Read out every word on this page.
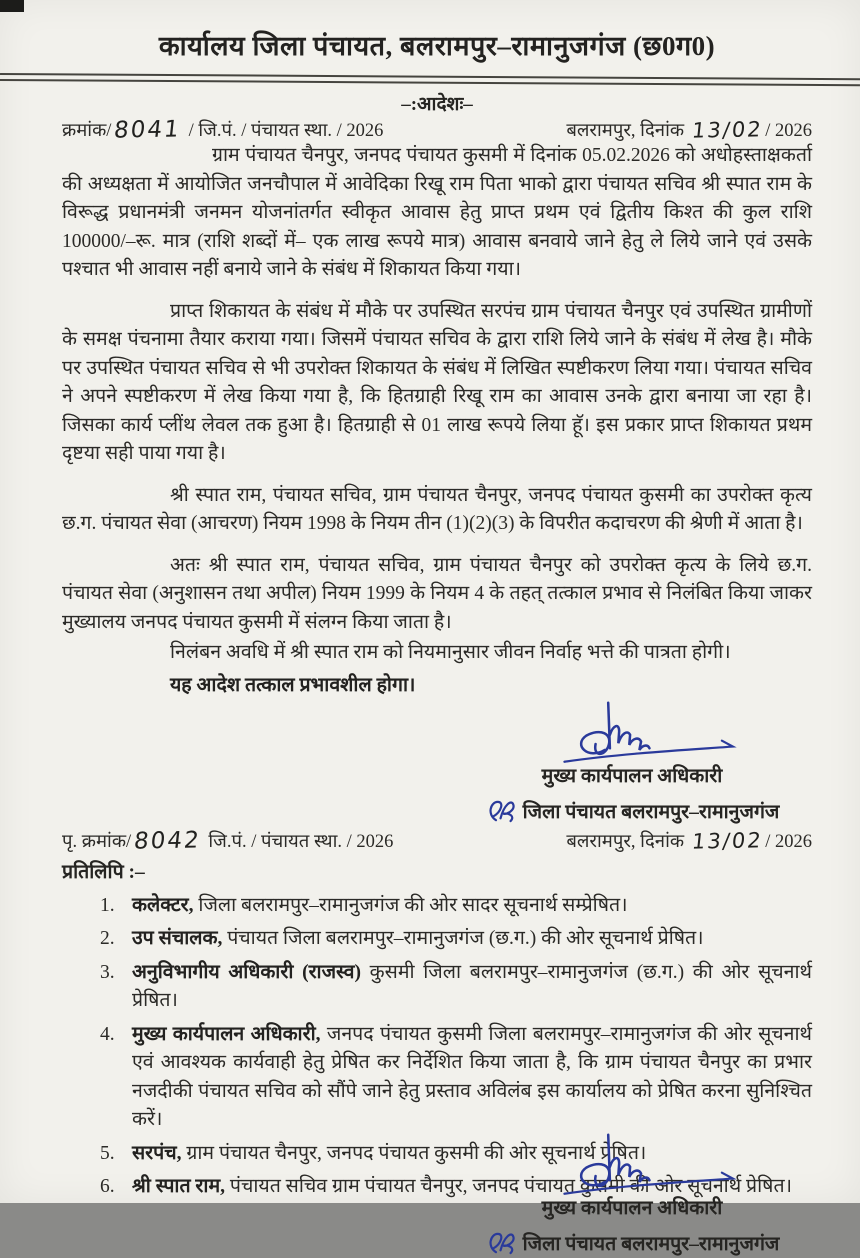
कार्यालय जिला पंचायत, बलरामपुर–रामानुजगंज (छ0ग0)
–:आदेशः–
क्रमांक/8041 / जि.पं. / पंचायत स्था. / 2026	बलरामपुर, दिनांक 13/02/ 2026

ग्राम पंचायत चैनपुर, जनपद पंचायत कुसमी में दिनांक 05.02.2026 को अधोहस्ताक्षकर्ता की अध्यक्षता में आयोजित जनचौपाल में आवेदिका रिखू राम पिता भाको द्वारा पंचायत सचिव श्री स्पात राम के विरूद्ध प्रधानमंत्री जनमन योजनांतर्गत स्वीकृत आवास हेतु प्राप्त प्रथम एवं द्वितीय किश्त की कुल राशि 100000/–रू. मात्र (राशि शब्दों में– एक लाख रूपये मात्र) आवास बनवाये जाने हेतु ले लिये जाने एवं उसके पश्चात भी आवास नहीं बनाये जाने के संबंध में शिकायत किया गया।

प्राप्त शिकायत के संबंध में मौके पर उपस्थित सरपंच ग्राम पंचायत चैनपुर एवं उपस्थित ग्रामीणों के समक्ष पंचनामा तैयार कराया गया। जिसमें पंचायत सचिव के द्वारा राशि लिये जाने के संबंध में लेख है। मौके पर उपस्थित पंचायत सचिव से भी उपरोक्त शिकायत के संबंध में लिखित स्पष्टीकरण लिया गया। पंचायत सचिव ने अपने स्पष्टीकरण में लेख किया गया है, कि हितग्राही रिखू राम का आवास उनके द्वारा बनाया जा रहा है। जिसका कार्य प्लींथ लेवल तक हुआ है। हितग्राही से 01 लाख रूपये लिया हूॅ। इस प्रकार प्राप्त शिकायत प्रथम दृष्टया सही पाया गया है।

श्री स्पात राम, पंचायत सचिव, ग्राम पंचायत चैनपुर, जनपद पंचायत कुसमी का उपरोक्त कृत्य छ.ग. पंचायत सेवा (आचरण) नियम 1998 के नियम तीन (1)(2)(3) के विपरीत कदाचरण की श्रेणी में आता है।

अतः श्री स्पात राम, पंचायत सचिव, ग्राम पंचायत चैनपुर को उपरोक्त कृत्य के लिये छ.ग. पंचायत सेवा (अनुशासन तथा अपील) नियम 1999 के नियम 4 के तहत् तत्काल प्रभाव से निलंबित किया जाकर मुख्यालय जनपद पंचायत कुसमी में संलग्न किया जाता है।

निलंबन अवधि में श्री स्पात राम को नियमानुसार जीवन निर्वाह भत्ते की पात्रता होगी।

यह आदेश तत्काल प्रभावशील होगा।
मुख्य कार्यपालन अधिकारी
जिला पंचायत बलरामपुर–रामानुजगंज
पृ. क्रमांक/8042 जि.पं. / पंचायत स्था. / 2026	बलरामपुर, दिनांक 13/02/ 2026
प्रतिलिपि :–
1. कलेक्टर, जिला बलरामपुर–रामानुजगंज की ओर सादर सूचनार्थ सम्प्रेषित।
2. उप संचालक, पंचायत जिला बलरामपुर–रामानुजगंज (छ.ग.) की ओर सूचनार्थ प्रेषित।
3. अनुविभागीय अधिकारी (राजस्व) कुसमी जिला बलरामपुर–रामानुजगंज (छ.ग.) की ओर सूचनार्थ प्रेषित।
4. मुख्य कार्यपालन अधिकारी, जनपद पंचायत कुसमी जिला बलरामपुर–रामानुजगंज की ओर सूचनार्थ एवं आवश्यक कार्यवाही हेतु प्रेषित कर निर्देशित किया जाता है, कि ग्राम पंचायत चैनपुर का प्रभार नजदीकी पंचायत सचिव को सौंपे जाने हेतु प्रस्ताव अविलंब इस कार्यालय को प्रेषित करना सुनिश्चित करें।
5. सरपंच, ग्राम पंचायत चैनपुर, जनपद पंचायत कुसमी की ओर सूचनार्थ प्रेषित।
6. श्री स्पात राम, पंचायत सचिव ग्राम पंचायत चैनपुर, जनपद पंचायत कुसमी की ओर सूचनार्थ प्रेषित।
मुख्य कार्यपालन अधिकारी
जिला पंचायत बलरामपुर–रामानुजगंज
